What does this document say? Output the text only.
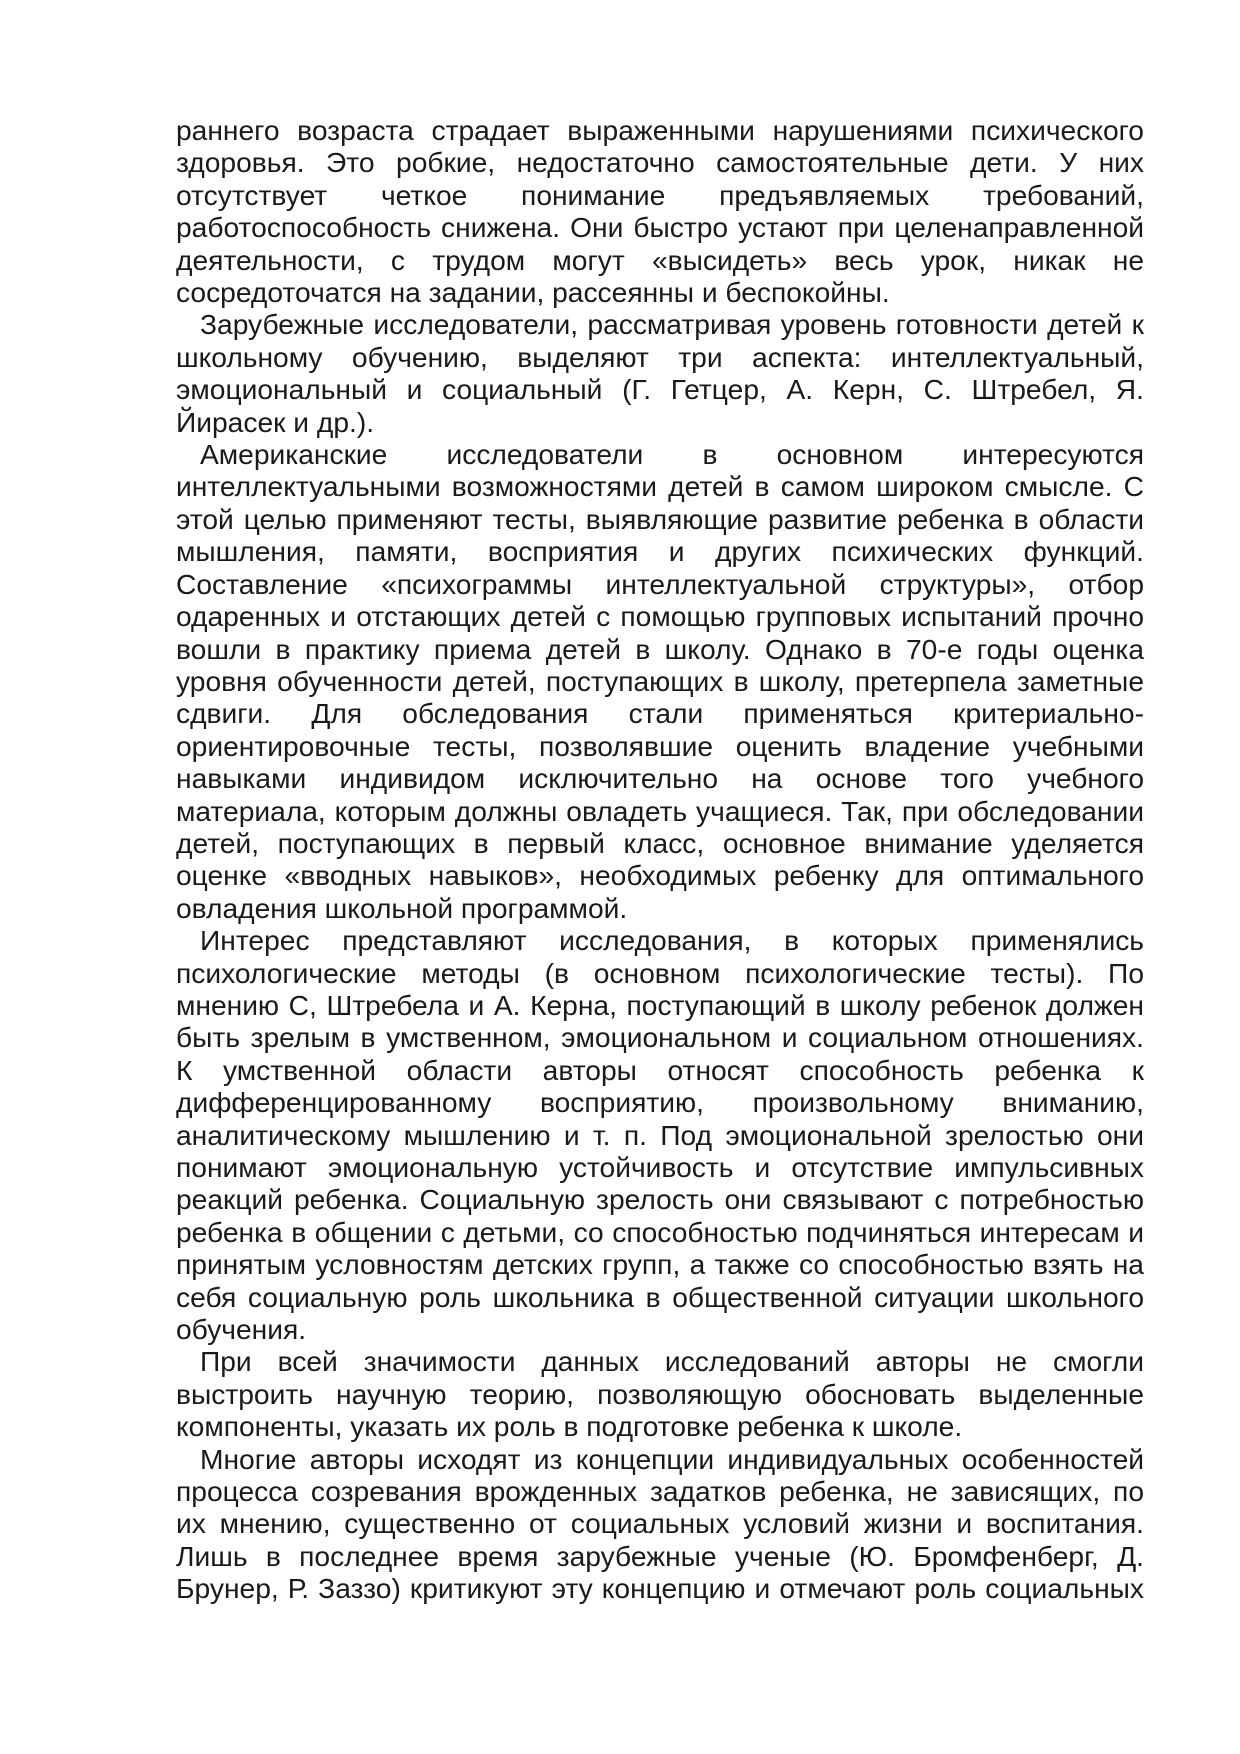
раннего возраста страдает выраженными нарушениями психического здоровья. Это робкие, недостаточно самостоятельные дети. У них отсутствует четкое понимание предъявляемых требований, работоспособность снижена. Они быстро устают при целенаправленной деятельности, с трудом могут «высидеть» весь урок, никак не сосредоточатся на задании, рассеянны и беспокойны.

Зарубежные исследователи, рассматривая уровень готовности детей к школьному обучению, выделяют три аспекта: интеллектуальный, эмоциональный и социальный (Г. Гетцер, А. Керн, С. Штребел, Я. Йирасек и др.).

Американские исследователи в основном интересуются интеллектуальными возможностями детей в самом широком смысле. С этой целью применяют тесты, выявляющие развитие ребенка в области мышления, памяти, восприятия и других психических функций. Составление «психограммы интеллектуальной структуры», отбор одаренных и отстающих детей с помощью групповых испытаний прочно вошли в практику приема детей в школу. Однако в 70-е годы оценка уровня обученности детей, поступающих в школу, претерпела заметные сдвиги. Для обследования стали применяться критериально-ориентировочные тесты, позволявшие оценить владение учебными навыками индивидом исключительно на основе того учебного материала, которым должны овладеть учащиеся. Так, при обследовании детей, поступающих в первый класс, основное внимание уделяется оценке «вводных навыков», необходимых ребенку для оптимального овладения школьной программой.

Интерес представляют исследования, в которых применялись психологические методы (в основном психологические тесты). По мнению С, Штребела и А. Керна, поступающий в школу ребенок должен быть зрелым в умственном, эмоциональном и социальном отношениях. К умственной области авторы относят способность ребенка к дифференцированному восприятию, произвольному вниманию, аналитическому мышлению и т. п. Под эмоциональной зрелостью они понимают эмоциональную устойчивость и отсутствие импульсивных реакций ребенка. Социальную зрелость они связывают с потребностью ребенка в общении с детьми, со способностью подчиняться интересам и принятым условностям детских групп, а также со способностью взять на себя социальную роль школьника в общественной ситуации школьного обучения.

При всей значимости данных исследований авторы не смогли выстроить научную теорию, позволяющую обосновать выделенные компоненты, указать их роль в подготовке ребенка к школе.

Многие авторы исходят из концепции индивидуальных особенностей процесса созревания врожденных задатков ребенка, не зависящих, по их мнению, существенно от социальных условий жизни и воспитания. Лишь в последнее время зарубежные ученые (Ю. Бромфенберг, Д. Брунер, Р. Заззо) критикуют эту концепцию и отмечают роль социальных
